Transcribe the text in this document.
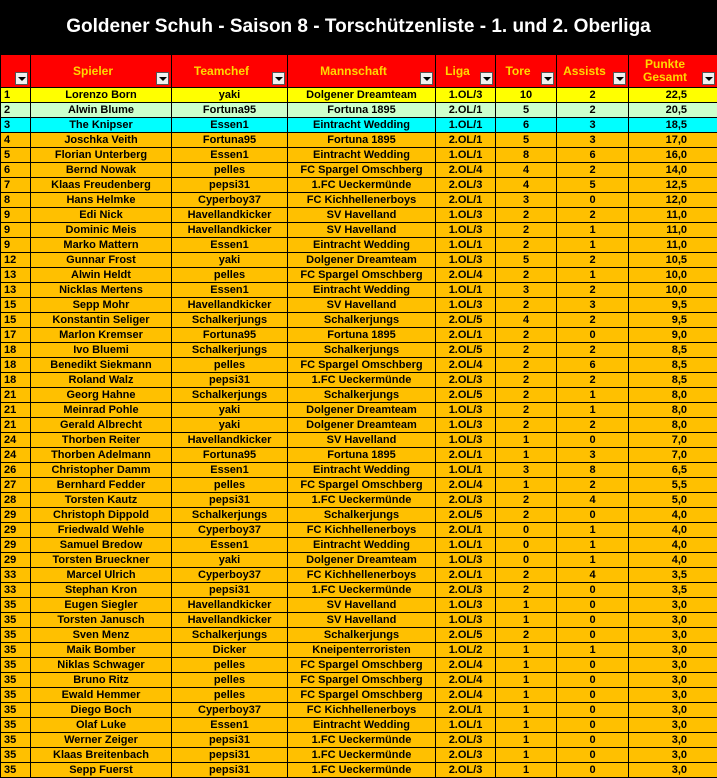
Goldener Schuh - Saison 8 - Torschützenliste - 1. und 2. Oberliga

	Spieler	Teamchef	Mannschaft	Liga	Tore	Assists	Punkte
Gesamt

1	Lorenzo Born	yaki	Dolgener Dreamteam	1.OL/3	10	2	22,5
2	Alwin Blume	Fortuna95	Fortuna 1895	2.OL/1	5	2	20,5
3	The Knipser	Essen1	Eintracht Wedding	1.OL/1	6	3	18,5
4	Joschka Veith	Fortuna95	Fortuna 1895	2.OL/1	5	3	17,0
5	Florian Unterberg	Essen1	Eintracht Wedding	1.OL/1	8	6	16,0
6	Bernd Nowak	pelles	FC Spargel Omschberg	2.OL/4	4	2	14,0
7	Klaas Freudenberg	pepsi31	1.FC Ueckermünde	2.OL/3	4	5	12,5
8	Hans Helmke	Cyperboy37	FC Kichhellenerboys	2.OL/1	3	0	12,0
9	Edi Nick	Havellandkicker	SV Havelland	1.OL/3	2	2	11,0
9	Dominic Meis	Havellandkicker	SV Havelland	1.OL/3	2	1	11,0
9	Marko Mattern	Essen1	Eintracht Wedding	1.OL/1	2	1	11,0
12	Gunnar Frost	yaki	Dolgener Dreamteam	1.OL/3	5	2	10,5
13	Alwin Heldt	pelles	FC Spargel Omschberg	2.OL/4	2	1	10,0
13	Nicklas Mertens	Essen1	Eintracht Wedding	1.OL/1	3	2	10,0
15	Sepp Mohr	Havellandkicker	SV Havelland	1.OL/3	2	3	9,5
15	Konstantin Seliger	Schalkerjungs	Schalkerjungs	2.OL/5	4	2	9,5
17	Marlon Kremser	Fortuna95	Fortuna 1895	2.OL/1	2	0	9,0
18	Ivo Bluemi	Schalkerjungs	Schalkerjungs	2.OL/5	2	2	8,5
18	Benedikt Siekmann	pelles	FC Spargel Omschberg	2.OL/4	2	6	8,5
18	Roland Walz	pepsi31	1.FC Ueckermünde	2.OL/3	2	2	8,5
21	Georg Hahne	Schalkerjungs	Schalkerjungs	2.OL/5	2	1	8,0
21	Meinrad Pohle	yaki	Dolgener Dreamteam	1.OL/3	2	1	8,0
21	Gerald Albrecht	yaki	Dolgener Dreamteam	1.OL/3	2	2	8,0
24	Thorben Reiter	Havellandkicker	SV Havelland	1.OL/3	1	0	7,0
24	Thorben Adelmann	Fortuna95	Fortuna 1895	2.OL/1	1	3	7,0
26	Christopher Damm	Essen1	Eintracht Wedding	1.OL/1	3	8	6,5
27	Bernhard Fedder	pelles	FC Spargel Omschberg	2.OL/4	1	2	5,5
28	Torsten Kautz	pepsi31	1.FC Ueckermünde	2.OL/3	2	4	5,0
29	Christoph Dippold	Schalkerjungs	Schalkerjungs	2.OL/5	2	0	4,0
29	Friedwald Wehle	Cyperboy37	FC Kichhellenerboys	2.OL/1	0	1	4,0
29	Samuel Bredow	Essen1	Eintracht Wedding	1.OL/1	0	1	4,0
29	Torsten Brueckner	yaki	Dolgener Dreamteam	1.OL/3	0	1	4,0
33	Marcel Ulrich	Cyperboy37	FC Kichhellenerboys	2.OL/1	2	4	3,5
33	Stephan Kron	pepsi31	1.FC Ueckermünde	2.OL/3	2	0	3,5
35	Eugen Siegler	Havellandkicker	SV Havelland	1.OL/3	1	0	3,0
35	Torsten Janusch	Havellandkicker	SV Havelland	1.OL/3	1	0	3,0
35	Sven Menz	Schalkerjungs	Schalkerjungs	2.OL/5	2	0	3,0
35	Maik Bomber	Dicker	Kneipenterroristen	1.OL/2	1	1	3,0
35	Niklas Schwager	pelles	FC Spargel Omschberg	2.OL/4	1	0	3,0
35	Bruno Ritz	pelles	FC Spargel Omschberg	2.OL/4	1	0	3,0
35	Ewald Hemmer	pelles	FC Spargel Omschberg	2.OL/4	1	0	3,0
35	Diego Boch	Cyperboy37	FC Kichhellenerboys	2.OL/1	1	0	3,0
35	Olaf Luke	Essen1	Eintracht Wedding	1.OL/1	1	0	3,0
35	Werner Zeiger	pepsi31	1.FC Ueckermünde	2.OL/3	1	0	3,0
35	Klaas Breitenbach	pepsi31	1.FC Ueckermünde	2.OL/3	1	0	3,0
35	Sepp Fuerst	pepsi31	1.FC Ueckermünde	2.OL/3	1	0	3,0
